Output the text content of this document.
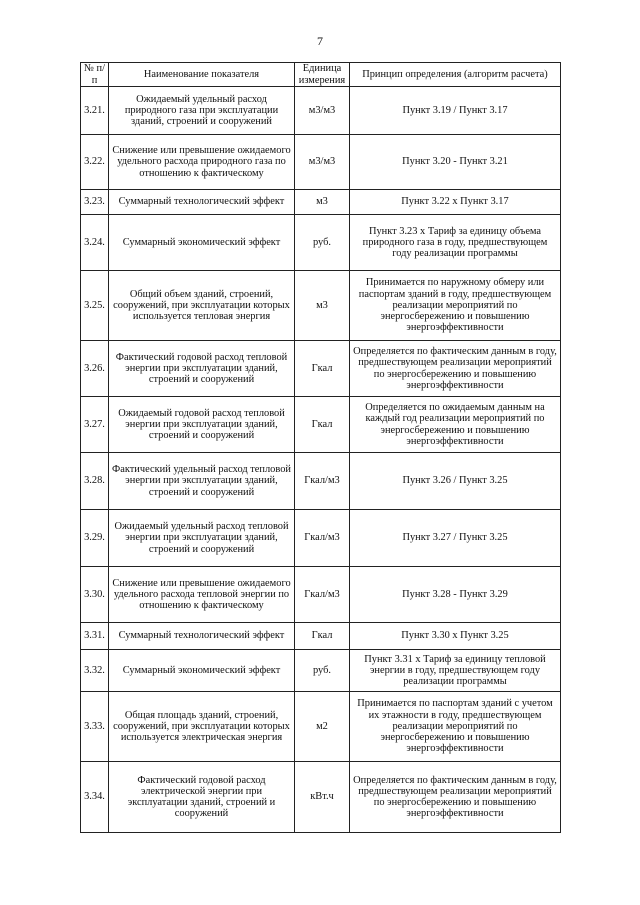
7
№ п/п	Наименование показателя	Единица измерения	Принцип определения (алгоритм расчета)
3.21.	Ожидаемый удельный расход природного газа при эксплуатации зданий, строений и сооружений	м3/м3	Пункт 3.19 / Пункт 3.17
3.22.	Снижение или превышение ожидаемого удельного расхода природного газа по отношению к фактическому	м3/м3	Пункт 3.20 - Пункт 3.21
3.23.	Суммарный технологический эффект	м3	Пункт 3.22 х Пункт 3.17
3.24.	Суммарный экономический эффект	руб.	Пункт 3.23 х Тариф за единицу объема природного газа в году, предшествующем году реализации программы
3.25.	Общий объем зданий, строений, сооружений, при эксплуатации которых используется тепловая энергия	м3	Принимается по наружному обмеру или паспортам зданий в году, предшествующем реализации мероприятий по энергосбережению и повышению энергоэффективности
3.26.	Фактический годовой расход тепловой энергии при эксплуатации зданий, строений и сооружений	Гкал	Определяется по фактическим данным в году, предшествующем реализации мероприятий по энергосбережению и повышению энергоэффективности
3.27.	Ожидаемый годовой расход тепловой энергии при эксплуатации зданий, строений и сооружений	Гкал	Определяется по ожидаемым данным на каждый год реализации мероприятий по энергосбережению и повышению энергоэффективности
3.28.	Фактический удельный расход тепловой энергии при эксплуатации зданий, строений и сооружений	Гкал/м3	Пункт 3.26 / Пункт 3.25
3.29.	Ожидаемый удельный расход тепловой энергии при эксплуатации зданий, строений и сооружений	Гкал/м3	Пункт 3.27 / Пункт 3.25
3.30.	Снижение или превышение ожидаемого удельного расхода тепловой энергии по отношению к фактическому	Гкал/м3	Пункт 3.28 - Пункт 3.29
3.31.	Суммарный технологический эффект	Гкал	Пункт 3.30 х Пункт 3.25
3.32.	Суммарный экономический эффект	руб.	Пункт 3.31 х Тариф за единицу тепловой энергии в году, предшествующем году реализации программы
3.33.	Общая площадь зданий, строений, сооружений, при эксплуатации которых используется электрическая энергия	м2	Принимается по паспортам зданий с учетом их этажности в году, предшествующем реализации мероприятий по энергосбережению и повышению энергоэффективности
3.34.	Фактический годовой расход электрической энергии при эксплуатации зданий, строений и сооружений	кВт.ч	Определяется по фактическим данным в году, предшествующем реализации мероприятий по энергосбережению и повышению энергоэффективности
